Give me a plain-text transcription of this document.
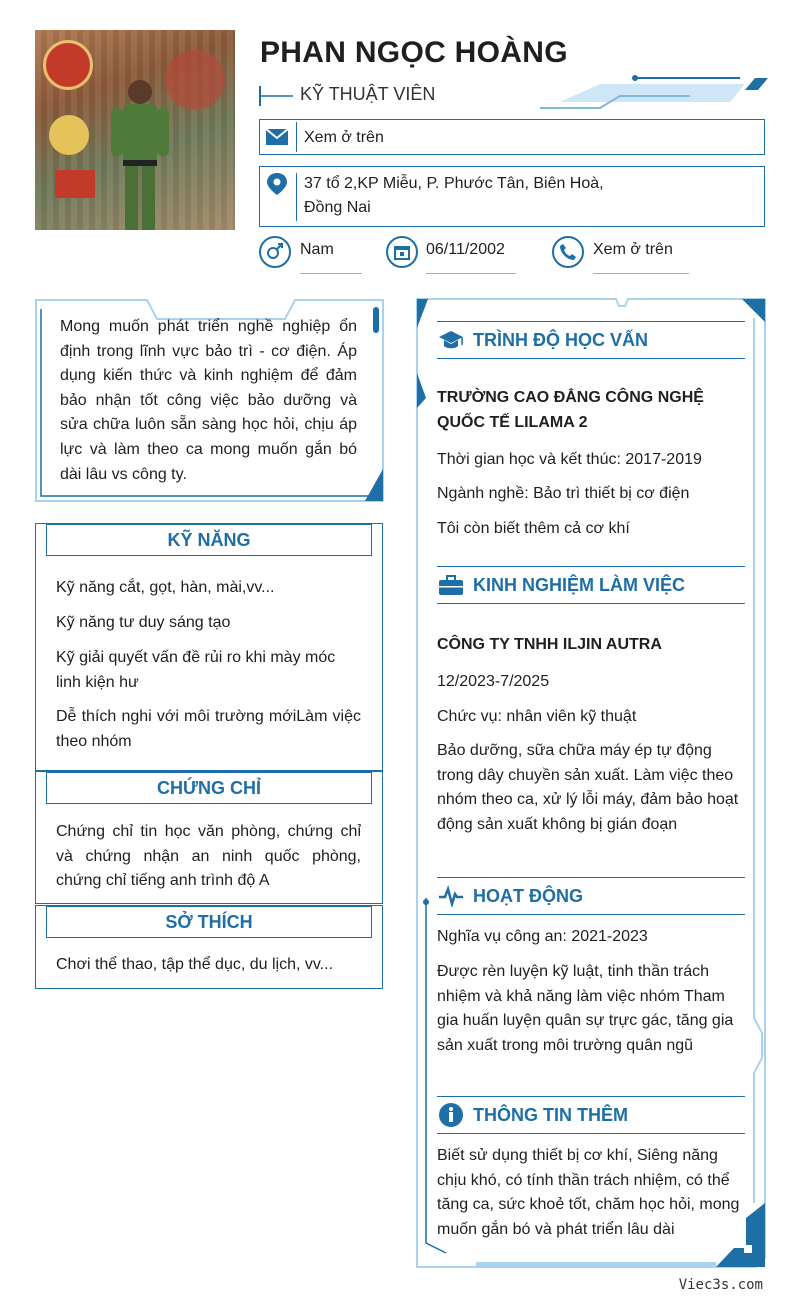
PHAN NGỌC HOÀNG
KỸ THUẬT VIÊN
Xem ở trên
37 tổ 2,KP Miễu, P. Phước Tân, Biên Hoà, Đồng Nai
Nam	06/11/2002	Xem ở trên
Mong muốn phát triển nghề nghiệp ổn định trong lĩnh vực bảo trì - cơ điện. Áp dụng kiến thức và kinh nghiệm để đảm bảo nhận tốt công việc bảo dưỡng và sửa chữa luôn sẵn sàng học hỏi, chịu áp lực và làm theo ca mong muốn gắn bó dài lâu vs công ty.
KỸ NĂNG
Kỹ năng cắt, gọt, hàn, mài,vv...
Kỹ năng tư duy sáng tạo
Kỹ giải quyết vấn đề rủi ro khi mày móc linh kiện hư
Dễ thích nghi với môi trường mớiLàm việc theo nhóm
CHỨNG CHỈ
Chứng chỉ tin học văn phòng, chứng chỉ và chứng nhận an ninh quốc phòng, chứng chỉ tiếng anh trình độ A
SỞ THÍCH
Chơi thể thao, tập thể dục, du lịch, vv...
TRÌNH ĐỘ HỌC VẤN
TRƯỜNG CAO ĐẲNG CÔNG NGHỆ QUỐC TẾ LILAMA 2
Thời gian học và kết thúc: 2017-2019
Ngành nghề: Bảo trì thiết bị cơ điện
Tôi còn biết thêm cả cơ khí
KINH NGHIỆM LÀM VIỆC
CÔNG TY TNHH ILJIN AUTRA
12/2023-7/2025
Chức vụ: nhân viên kỹ thuật
Bảo dưỡng, sữa chữa máy ép tự động trong dây chuyền sản xuất. Làm việc theo nhóm theo ca, xử lý lỗi máy, đảm bảo hoạt động sản xuất không bị gián đoạn
HOẠT ĐỘNG
Nghĩa vụ công an: 2021-2023
Được rèn luyện kỹ luật, tinh thần trách nhiệm và khả năng làm việc nhóm Tham gia huấn luyện quân sự trực gác, tăng gia sản xuất trong môi trường quân ngũ
THÔNG TIN THÊM
Biết sử dụng thiết bị cơ khí, Siêng năng chịu khó, có tính thần trách nhiệm, có thể tăng ca, sức khoẻ tốt, chăm học hỏi, mong muốn gắn bó và phát triển lâu dài
Viec3s.com
